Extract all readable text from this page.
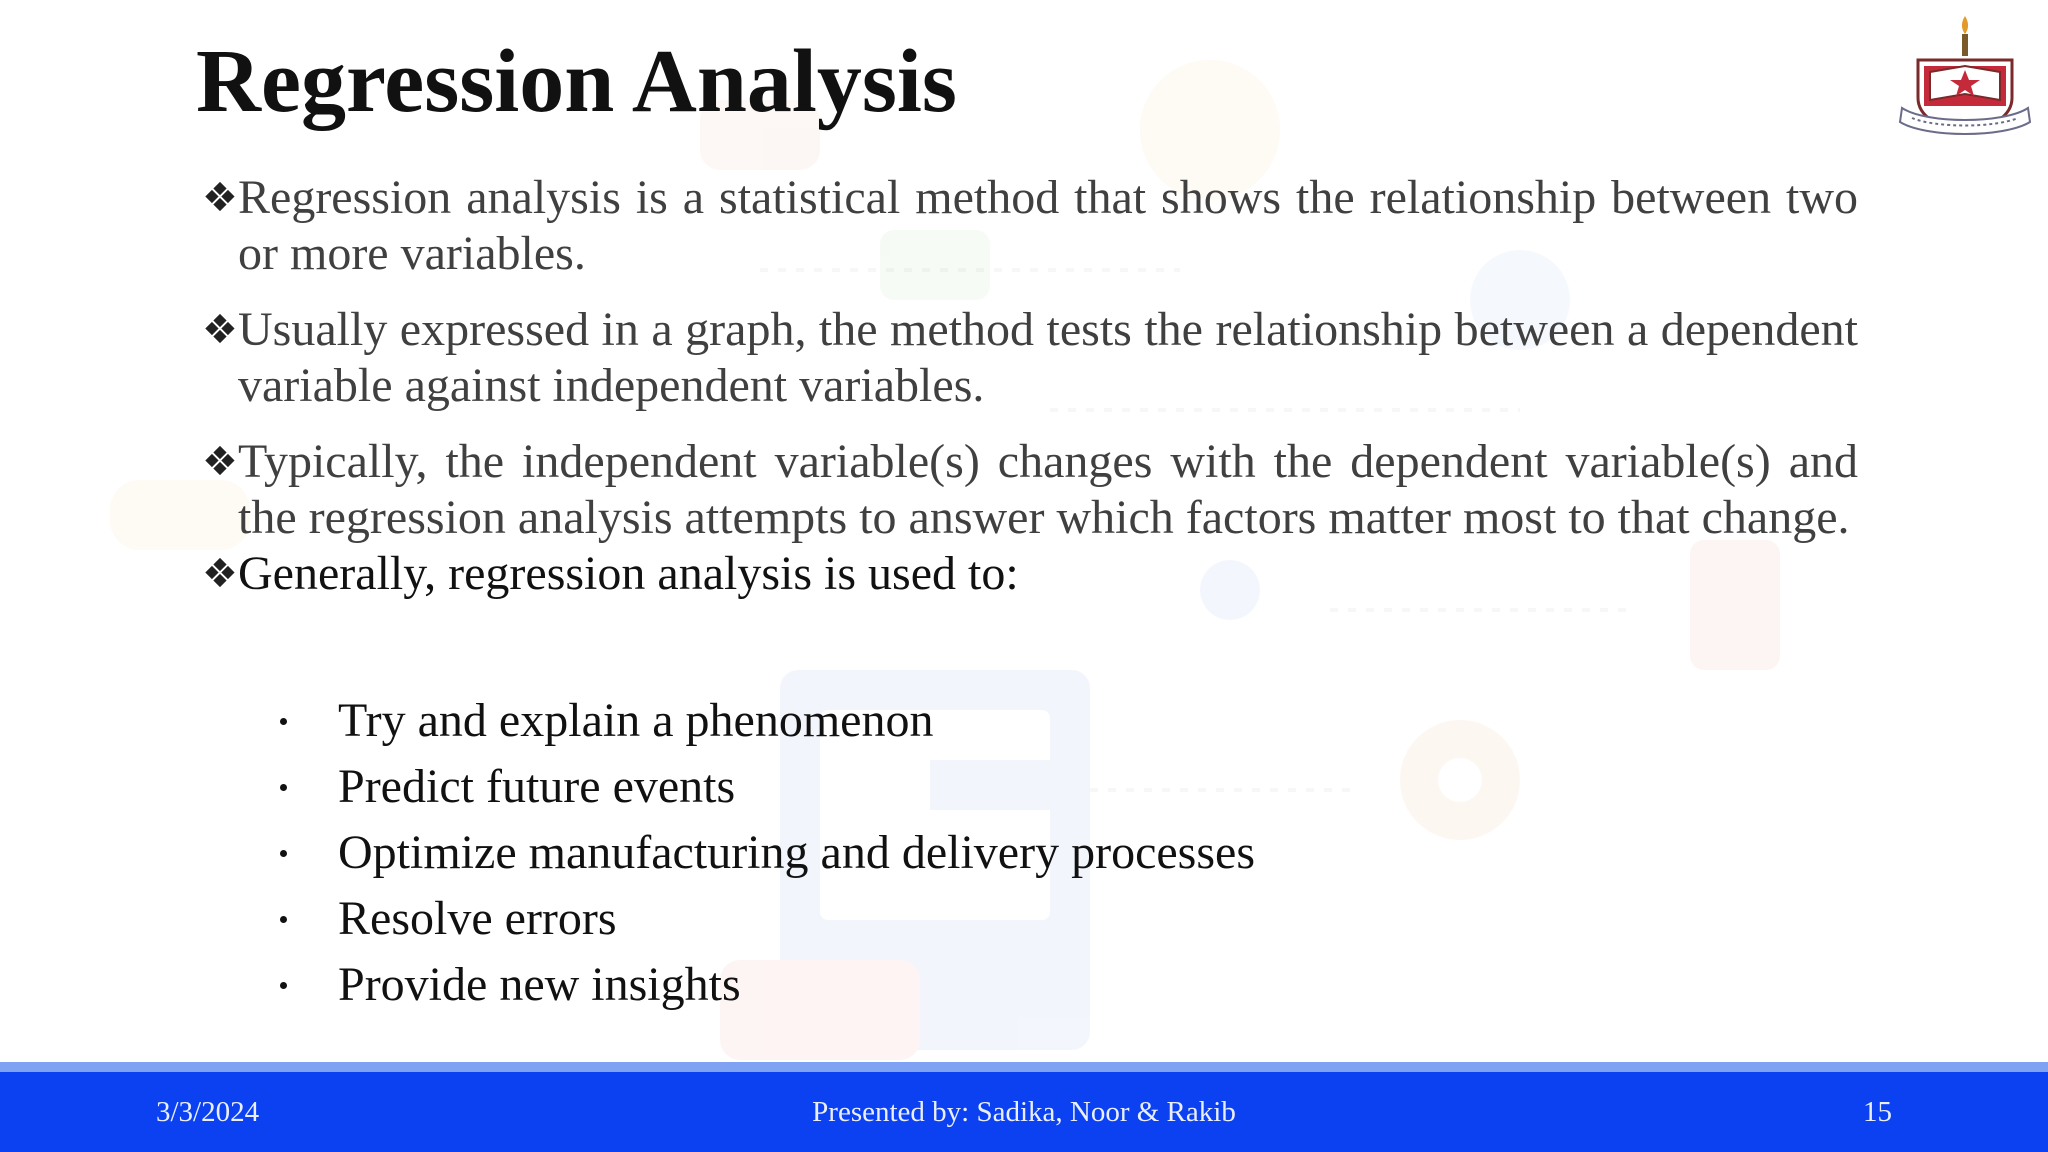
Regression Analysis
❖ Regression analysis is a statistical method that shows the relationship between two or more variables.
❖ Usually expressed in a graph, the method tests the relationship between a dependent variable against independent variables.
❖ Typically, the independent variable(s) changes with the dependent variable(s) and the regression analysis attempts to answer which factors matter most to that change.
❖ Generally, regression analysis is used to:
Try and explain a phenomenon
Predict future events
Optimize manufacturing and delivery processes
Resolve errors
Provide new insights
3/3/2024	Presented by: Sadika, Noor & Rakib	15
